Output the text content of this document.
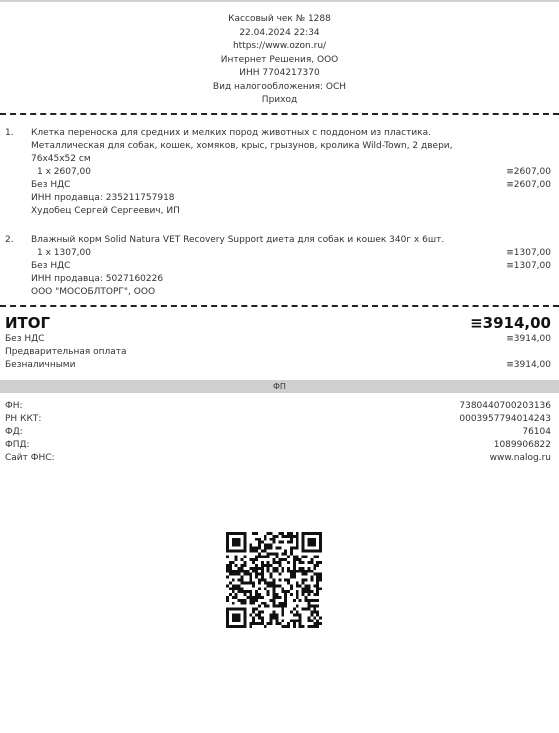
Кассовый чек № 1288
22.04.2024 22:34
https://www.ozon.ru/
Интернет Решения, ООО
ИНН 7704217370
Вид налогообложения: ОСН
Приход
1. Клетка переноска для средних и мелких пород животных с поддоном из пластика.
Металлическая для собак, кошек, хомяков, крыс, грызунов, кролика Wild-Town, 2 двери,
76х45х52 см
1 x 2607,00	≡2607,00
Без НДС	≡2607,00
ИНН продавца: 235211757918
Худобец Сергей Сергеевич, ИП
2. Влажный корм Solid Natura VET Recovery Support диета для собак и кошек 340г х 6шт.
1 x 1307,00	≡1307,00
Без НДС	≡1307,00
ИНН продавца: 5027160226
ООО "МОСОБЛТОРГ", ООО
ИТОГ	≡3914,00
Без НДС	≡3914,00
Предварительная оплата
Безналичными	≡3914,00
ФП
ФН:	7380440700203136
РН ККТ:	0003957794014243
ФД:	76104
ФПД:	1089906822
Сайт ФНС:	www.nalog.ru
